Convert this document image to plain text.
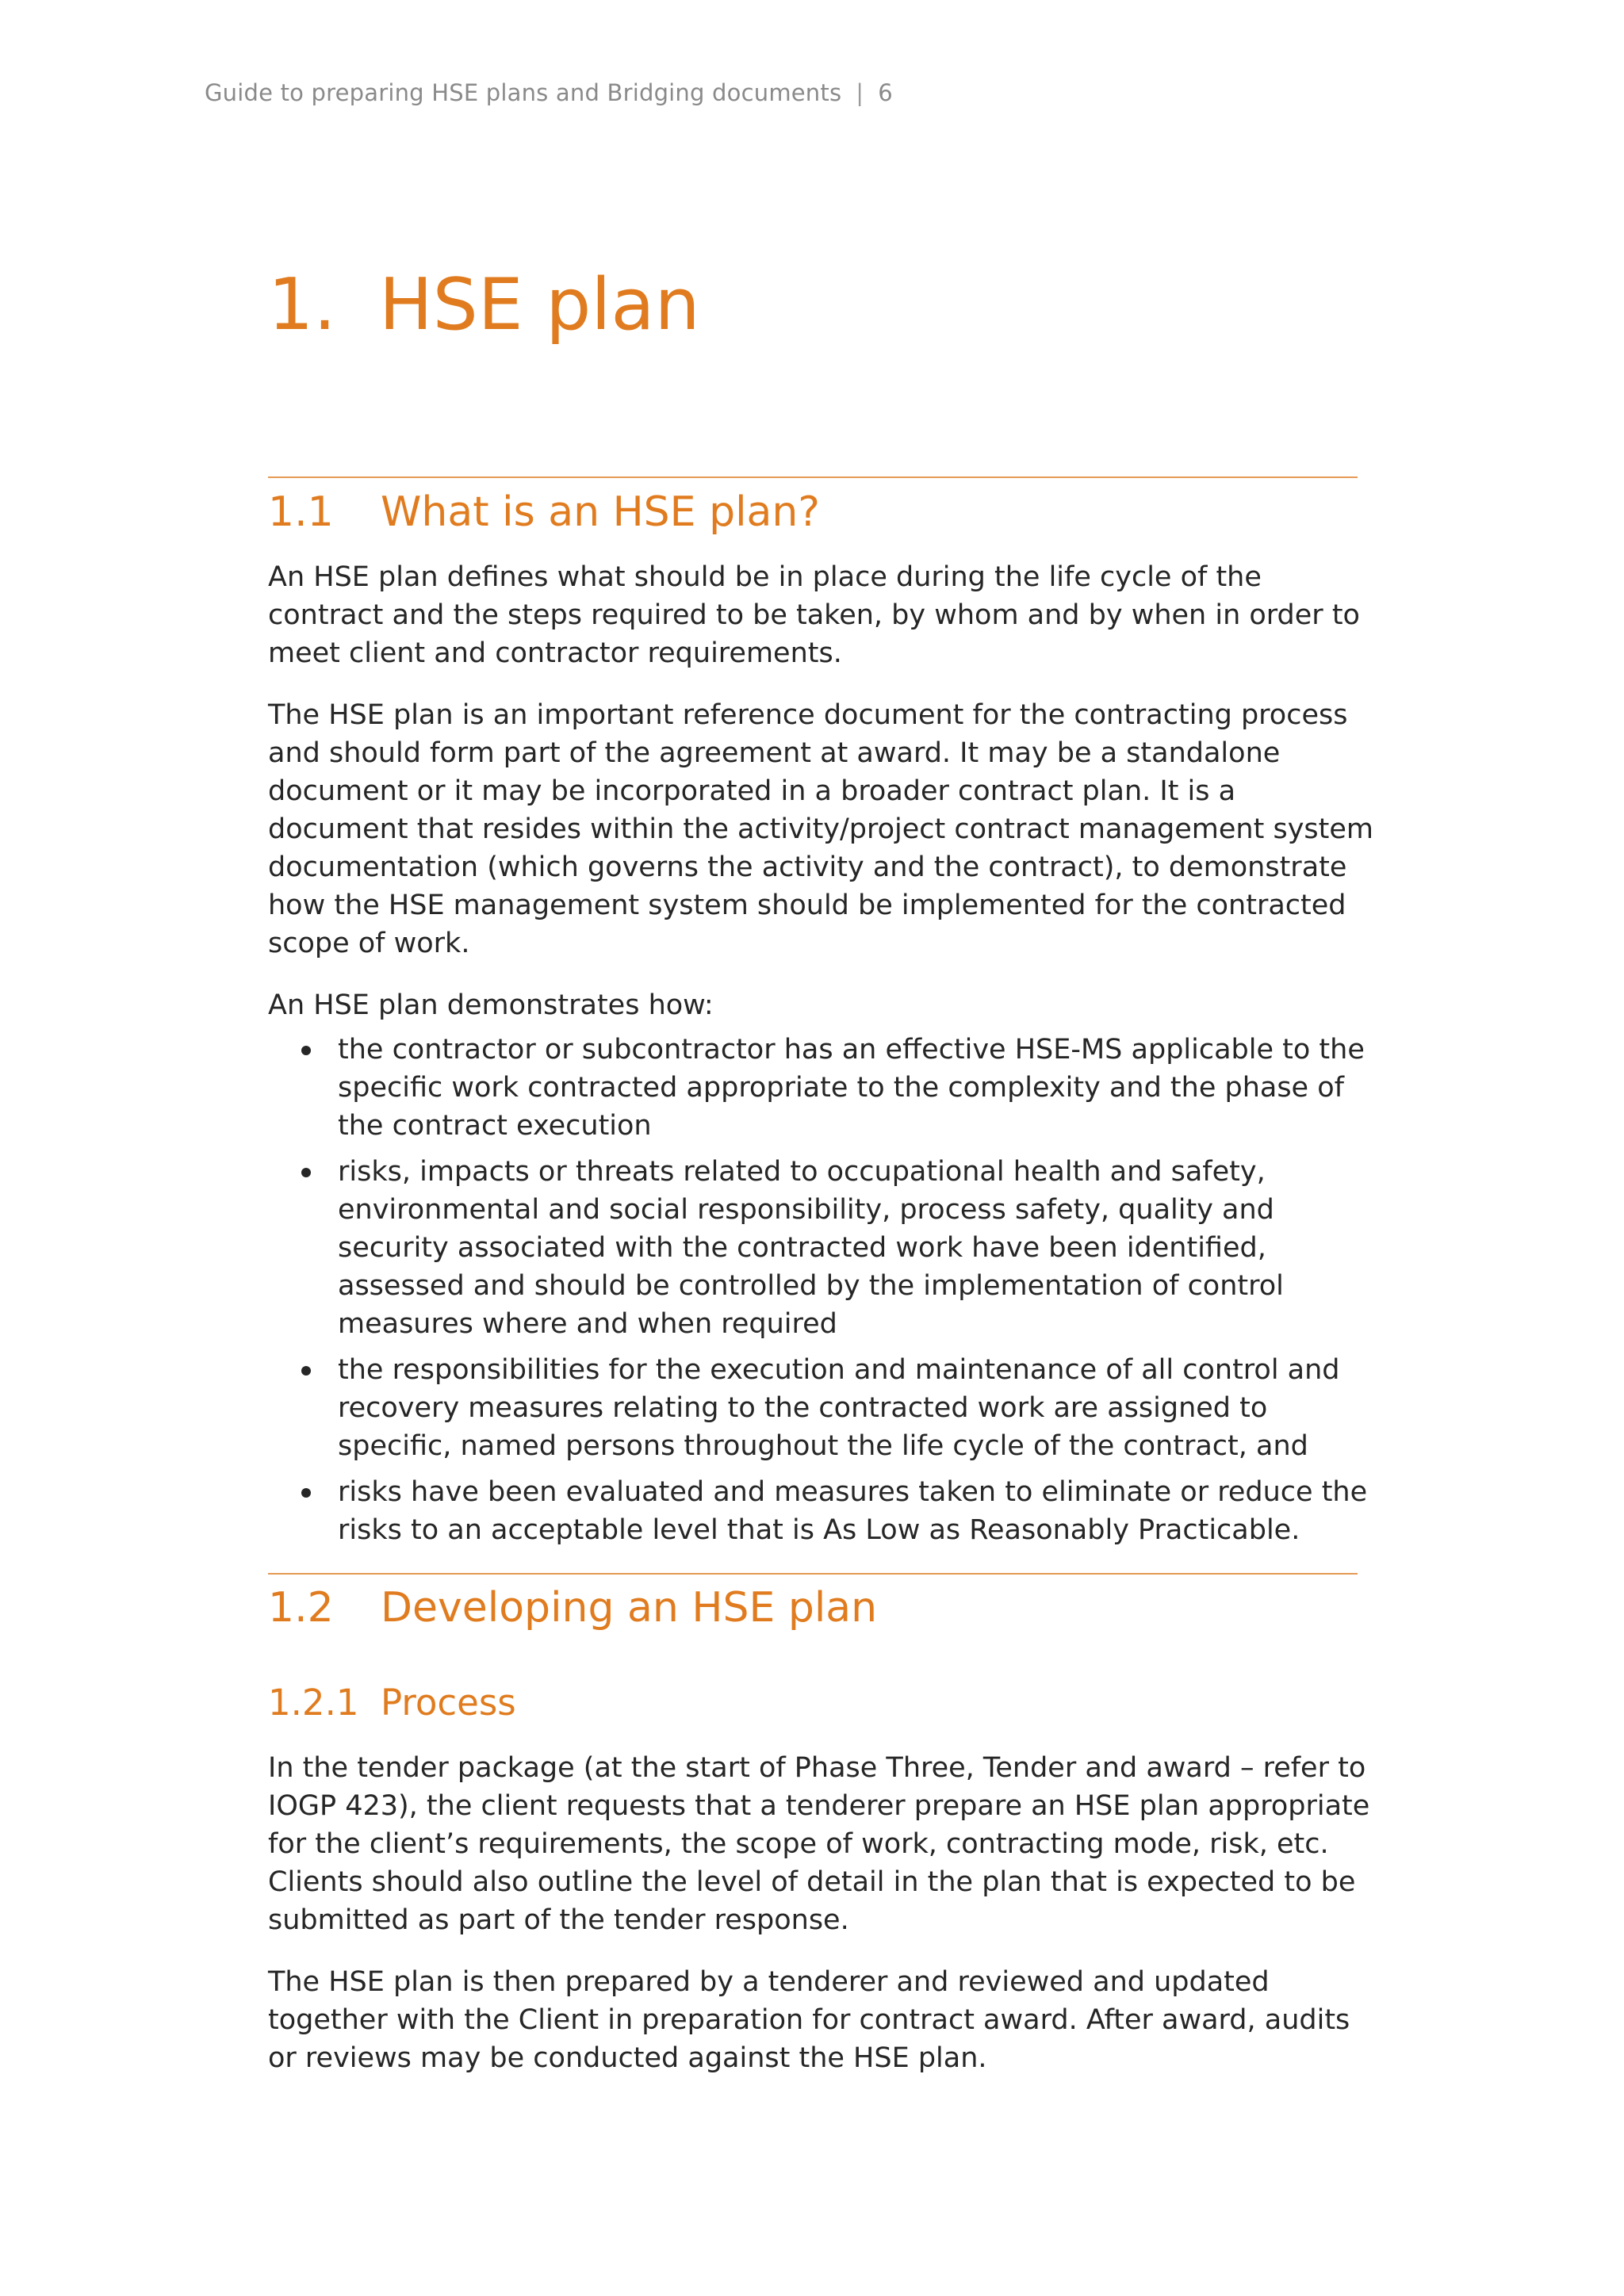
Guide to preparing HSE plans and Bridging documents | 6
1. HSE plan
1.1 What is an HSE plan?

An HSE plan defines what should be in place during the life cycle of the contract and the steps required to be taken, by whom and by when in order to meet client and contractor requirements.

The HSE plan is an important reference document for the contracting process and should form part of the agreement at award. It may be a standalone document or it may be incorporated in a broader contract plan. It is a document that resides within the activity/project contract management system documentation (which governs the activity and the contract), to demonstrate how the HSE management system should be implemented for the contracted scope of work.

An HSE plan demonstrates how:

the contractor or subcontractor has an effective HSE-MS applicable to the specific work contracted appropriate to the complexity and the phase of the contract execution
risks, impacts or threats related to occupational health and safety, environmental and social responsibility, process safety, quality and security associated with the contracted work have been identified, assessed and should be controlled by the implementation of control measures where and when required
the responsibilities for the execution and maintenance of all control and recovery measures relating to the contracted work are assigned to specific, named persons throughout the life cycle of the contract, and
risks have been evaluated and measures taken to eliminate or reduce the risks to an acceptable level that is As Low as Reasonably Practicable.
1.2 Developing an HSE plan
1.2.1 Process

In the tender package (at the start of Phase Three, Tender and award – refer to IOGP 423), the client requests that a tenderer prepare an HSE plan appropriate for the client’s requirements, the scope of work, contracting mode, risk, etc. Clients should also outline the level of detail in the plan that is expected to be submitted as part of the tender response.

The HSE plan is then prepared by a tenderer and reviewed and updated together with the Client in preparation for contract award. After award, audits or reviews may be conducted against the HSE plan.
